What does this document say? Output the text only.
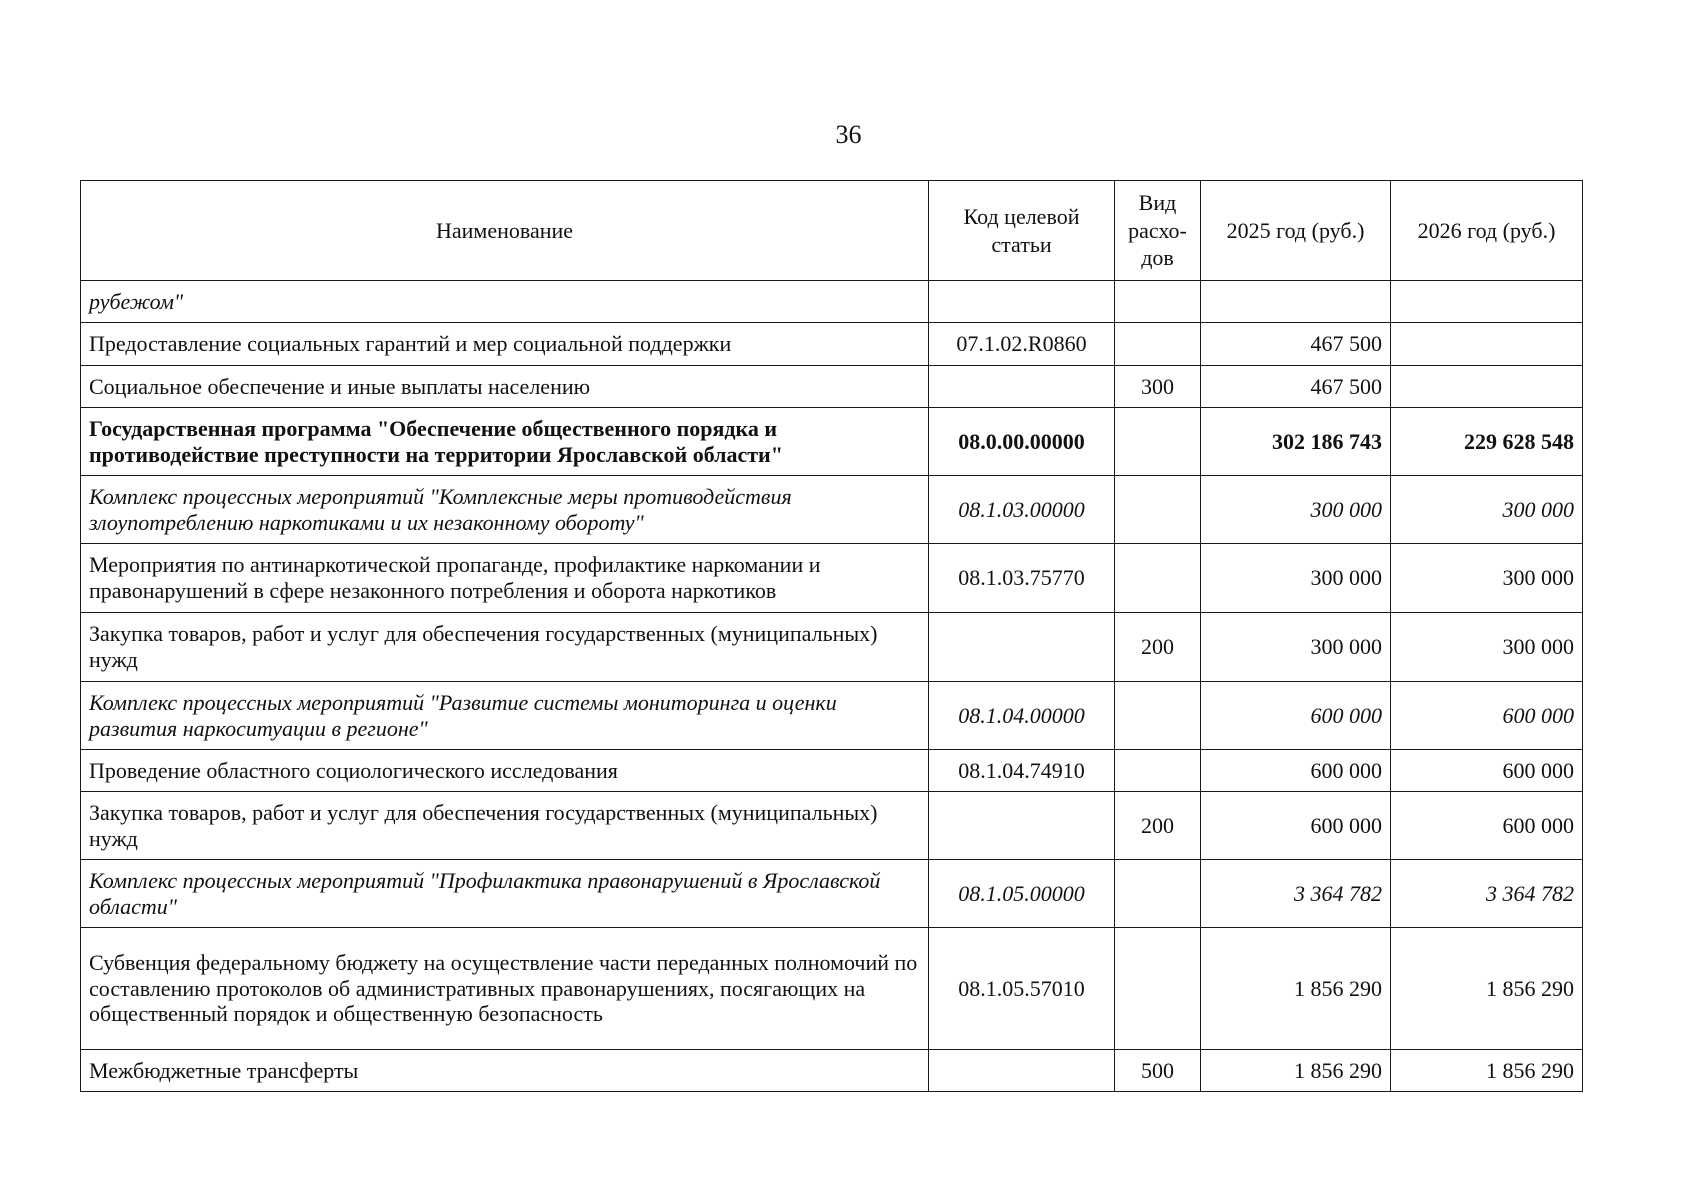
36
Наименование	Код целевой статьи	Вид расхо-дов	2025 год (руб.)	2026 год (руб.)
рубежом"				
Предоставление социальных гарантий и мер социальной поддержки	07.1.02.R0860		467 500	
Социальное обеспечение и иные выплаты населению		300	467 500	
Государственная программа "Обеспечение общественного порядка и противодействие преступности на территории Ярославской области"	08.0.00.00000		302 186 743	229 628 548
Комплекс процессных мероприятий "Комплексные меры противодействия злоупотреблению наркотиками и их незаконному обороту"	08.1.03.00000		300 000	300 000
Мероприятия по антинаркотической пропаганде, профилактике наркомании и правонарушений в сфере незаконного потребления и оборота наркотиков	08.1.03.75770		300 000	300 000
Закупка товаров, работ и услуг для обеспечения государственных (муниципальных) нужд		200	300 000	300 000
Комплекс процессных мероприятий "Развитие системы мониторинга и оценки развития наркоситуации в регионе"	08.1.04.00000		600 000	600 000
Проведение областного социологического исследования	08.1.04.74910		600 000	600 000
Закупка товаров, работ и услуг для обеспечения государственных (муниципальных) нужд		200	600 000	600 000
Комплекс процессных мероприятий "Профилактика правонарушений в Ярославской области"	08.1.05.00000		3 364 782	3 364 782
Субвенция федеральному бюджету на осуществление части переданных полномочий по составлению протоколов об административных правонарушениях, посягающих на общественный порядок и общественную безопасность	08.1.05.57010		1 856 290	1 856 290
Межбюджетные трансферты		500	1 856 290	1 856 290
